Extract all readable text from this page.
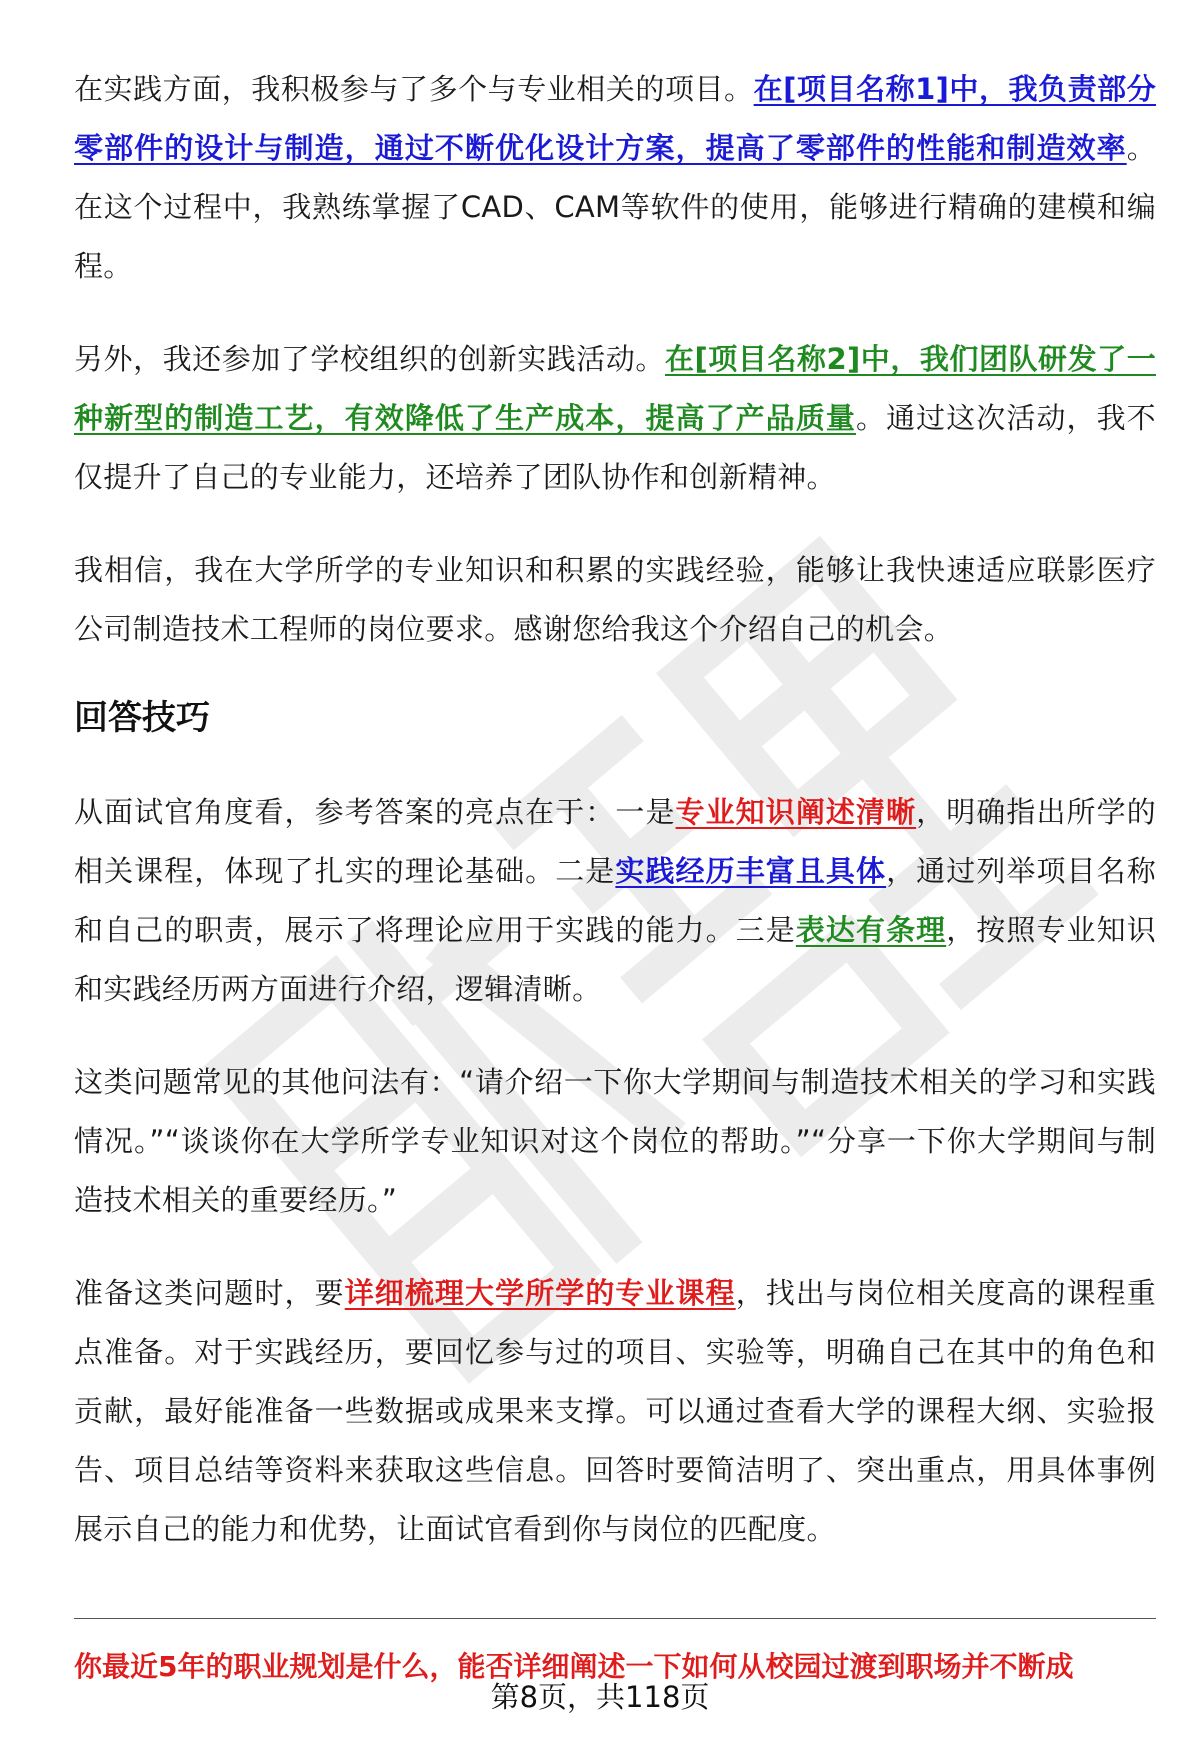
在实践方面，我积极参与了多个与专业相关的项目。在[项目名称1]中，我负责部分零部件的设计与制造，通过不断优化设计方案，提高了零部件的性能和制造效率。在这个过程中，我熟练掌握了CAD、CAM等软件的使用，能够进行精确的建模和编程。

另外，我还参加了学校组织的创新实践活动。在[项目名称2]中，我们团队研发了一种新型的制造工艺，有效降低了生产成本，提高了产品质量。通过这次活动，我不仅提升了自己的专业能力，还培养了团队协作和创新精神。

我相信，我在大学所学的专业知识和积累的实践经验，能够让我快速适应联影医疗公司制造技术工程师的岗位要求。感谢您给我这个介绍自己的机会。

回答技巧

从面试官角度看，参考答案的亮点在于：一是专业知识阐述清晰，明确指出所学的相关课程，体现了扎实的理论基础。二是实践经历丰富且具体，通过列举项目名称和自己的职责，展示了将理论应用于实践的能力。三是表达有条理，按照专业知识和实践经历两方面进行介绍，逻辑清晰。

这类问题常见的其他问法有：“请介绍一下你大学期间与制造技术相关的学习和实践情况。”“谈谈你在大学所学专业知识对这个岗位的帮助。”“分享一下你大学期间与制造技术相关的重要经历。”

准备这类问题时，要详细梳理大学所学的专业课程，找出与岗位相关度高的课程重点准备。对于实践经历，要回忆参与过的项目、实验等，明确自己在其中的角色和贡献，最好能准备一些数据或成果来支撑。可以通过查看大学的课程大纲、实验报告、项目总结等资料来获取这些信息。回答时要简洁明了、突出重点，用具体事例展示自己的能力和优势，让面试官看到你与岗位的匹配度。

你最近5年的职业规划是什么，能否详细阐述一下如何从校园过渡到职场并不断成
第8页，共118页
